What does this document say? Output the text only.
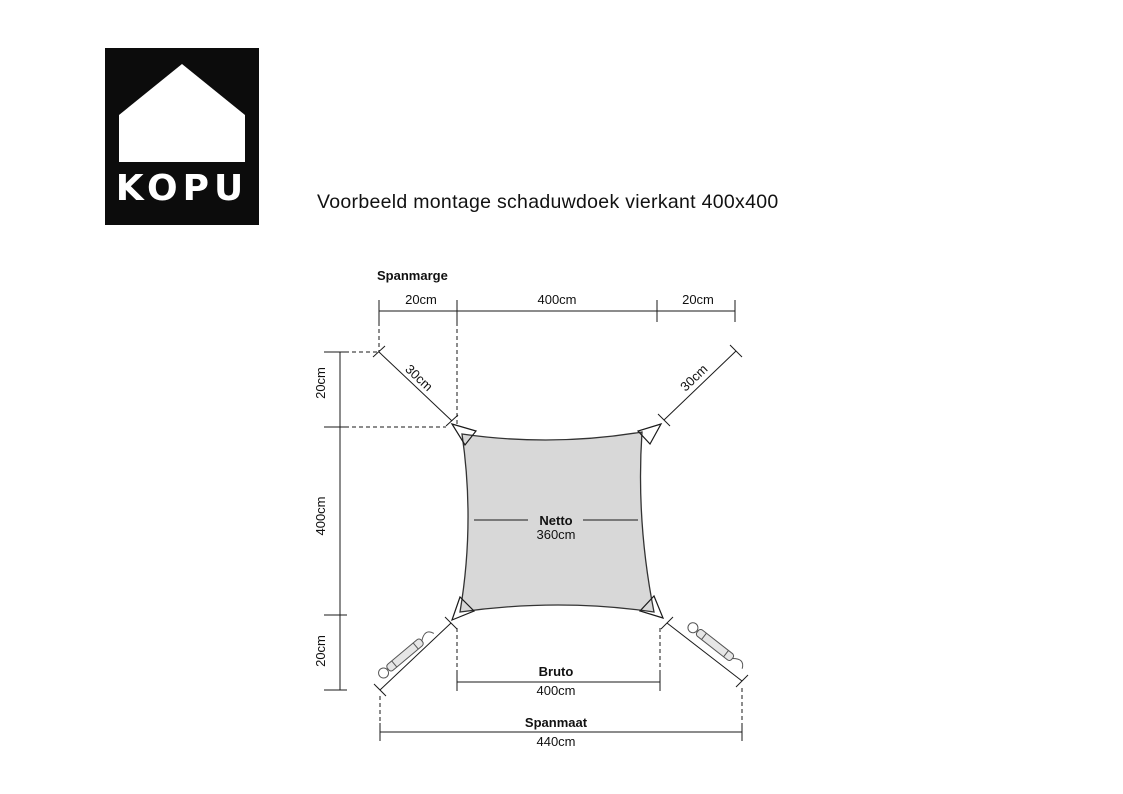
KOPU	Voorbeeld montage schaduwdoek vierkant 400x400
Spanmarge
20cm	400cm	20cm
30cm	30cm
20cm
400cm
20cm
Netto
360cm
Bruto
400cm
Spanmaat
440cm
